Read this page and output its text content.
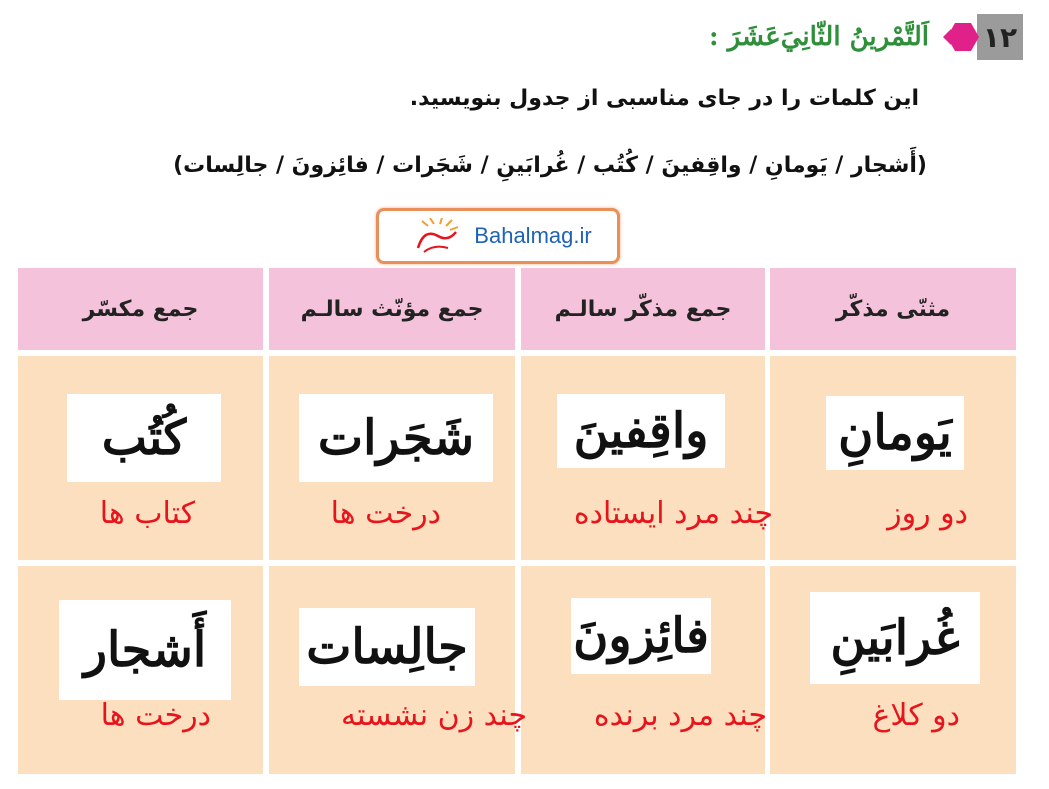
۱۲
اَلتَّمْرينُ الثّانِيَ‌عَشَرَ :
این کلمات را در جای مناسبی از جدول بنویسید.
(أَشجار / يَومانِ / واقِفينَ / كُتُب / غُرابَينِ / شَجَرات / فائِزونَ / جالِسات)
Bahalmag.ir
مثنّى مذكّر
جمع مذكّر سالـم
جمع مؤنّث سالـم
جمع مكسّر
يَومانِ
دو روز
واقِفينَ
چند مرد ایستاده
شَجَرات
درخت ها
كُتُب
کتاب ها
غُرابَينِ
دو کلاغ
فائِزونَ
چند مرد برنده
جالِسات
چند زن نشسته
أَشجار
درخت ها
